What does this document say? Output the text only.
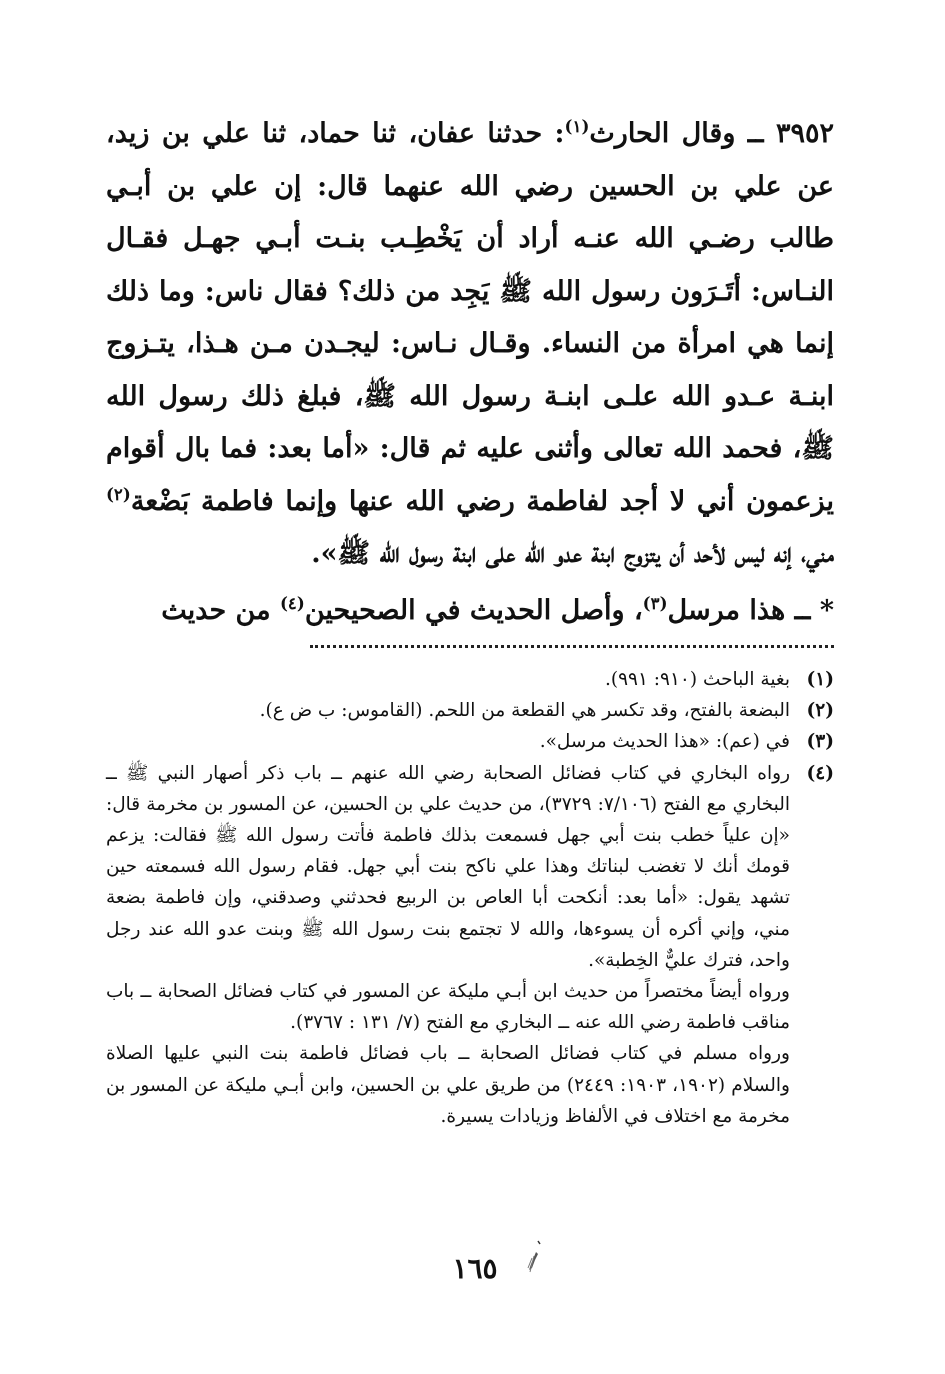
٣٩٥٢ ــ وقال الحارث$^{(١)}$: حدثنا عفان، ثنا حماد، ثنا علي بن زيد، عن علي بن الحسين رضي الله عنهما قال: إن علي بن أبـي طالب رضـي الله عنـه أراد أن يَخْطِـب بنـت أبـي جهـل فقـال النـاس: أتَـرَون رسول الله ﷺ يَجِد من ذلك؟ فقال ناس: وما ذلك إنما هي امرأة من النساء. وقـال نـاس: ليجـدن مـن هـذا، يتـزوج ابنـة عـدو الله علـى ابنـة رسول الله ﷺ، فبلغ ذلك رسول الله ﷺ، فحمد الله تعالى وأثنى عليه ثم قال: «أما بعد: فما بال أقوام يزعمون أني لا أجد لفاطمة رضي الله عنها وإنما فاطمة بَضْعة$^{(٢)}$ مني، إنه ليس لأحد أن يتزوج ابنة عدو الله على ابنة رسول الله ﷺ».

* ــ هذا مرسل$^{(٣)}$، وأصل الحديث في الصحيحين$^{(٤)}$ من حديث

(١)
بغية الباحث (٩١٠: ٩٩١).
(٢)
البضعة بالفتح، وقد تكسر هي القطعة من اللحم. (القاموس: ب ض ع).
(٣)
في (عم): «هذا الحديث مرسل».
(٤)
رواه البخاري في كتاب فضائل الصحابة رضي الله عنهم ــ باب ذكر أصهار النبي ﷺ ــ البخاري مع الفتح (٧/١٠٦: ٣٧٢٩)، من حديث علي بن الحسين، عن المسور بن مخرمة قال: «إن علياً خطب بنت أبي جهل فسمعت بذلك فاطمة فأتت رسول الله ﷺ فقالت: يزعم قومك أنك لا تغضب لبناتك وهذا علي ناكح بنت أبي جهل. فقام رسول الله فسمعته حين تشهد يقول: «أما بعد: أنكحت أبا العاص بن الربيع فحدثني وصدقني، وإن فاطمة بضعة مني، وإني أكره أن يسوءها، والله لا تجتمع بنت رسول الله ﷺ وبنت عدو الله عند رجل واحد، فترك عليٌّ الخِطبة».
ورواه أيضاً مختصراً من حديث ابن أبـي مليكة عن المسور في كتاب فضائل الصحابة ــ باب مناقب فاطمة رضي الله عنه ــ البخاري مع الفتح (٧/ ١٣١ : ٣٧٦٧).
ورواه مسلم في كتاب فضائل الصحابة ــ باب فضائل فاطمة بنت النبي عليها الصلاة والسلام (١٩٠٢، ١٩٠٣: ٢٤٤٩) من طريق علي بن الحسين، وابن أبـي مليكة عن المسور بن مخرمة مع اختلاف في الألفاظ وزيادات يسيرة.
١٦٥
